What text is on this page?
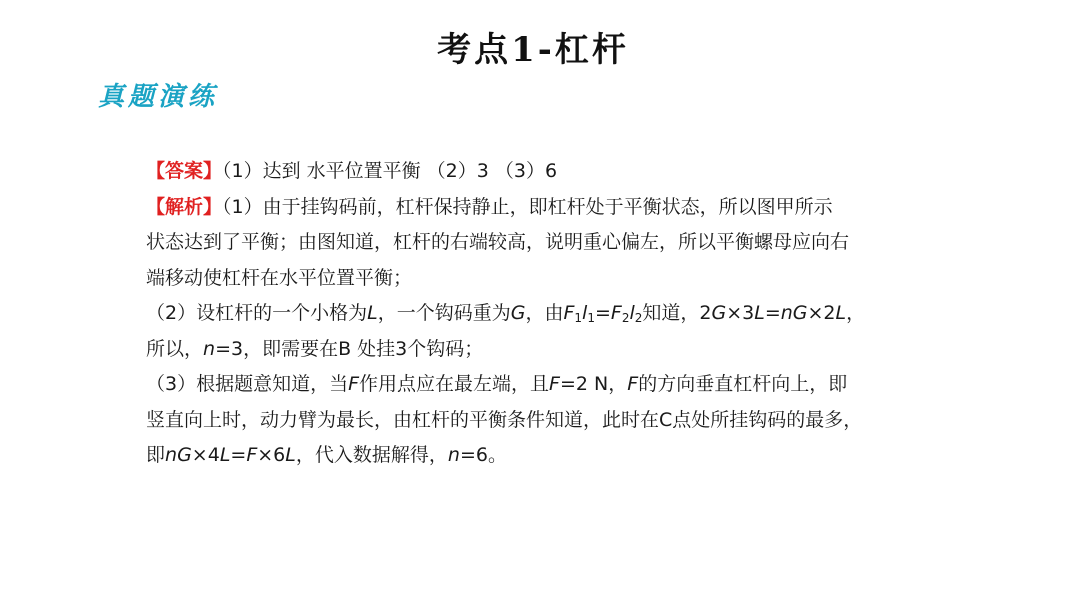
考点1-杠杆
真题演练
【答案】（1）达到 水平位置平衡 （2）3 （3）6
【解析】（1）由于挂钩码前，杠杆保持静止，即杠杆处于平衡状态，所以图甲所示
状态达到了平衡；由图知道，杠杆的右端较高，说明重心偏左，所以平衡螺母应向右
端移动使杠杆在水平位置平衡；
（2）设杠杆的一个小格为L，一个钩码重为G，由$F_1l_1=F_2l_2$知道，2G×3L=nG×2L，
所以，n=3，即需要在B 处挂3个钩码；
（3）根据题意知道，当F作用点应在最左端，且F=2 N，F的方向垂直杠杆向上，即
竖直向上时，动力臂为最长，由杠杆的平衡条件知道，此时在C点处所挂钩码的最多，
即nG×4L=F×6L，代入数据解得，n=6。
